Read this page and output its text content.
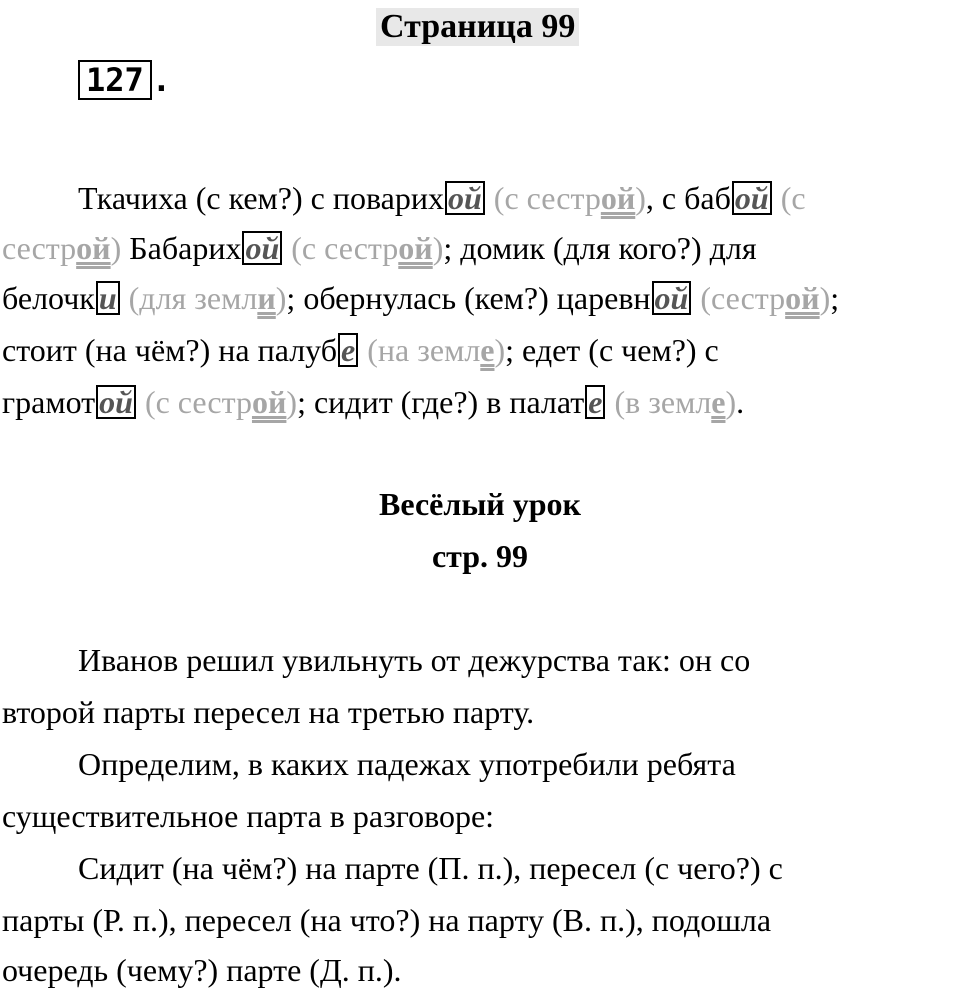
Страница 99
127 .
Ткачиха (с кем?) с поварих ой (с сестрой), с баб ой (с
сестрой) Бабарих ой (с сестрой); домик (для кого?) для
белочк и (для земли); обернулась (кем?) царевн ой (сестрой);
стоит (на чём?) на палуб е (на земле); едет (с чем?) с
грамот ой (с сестрой); сидит (где?) в палат е (в земле).
Весёлый урок
стр. 99
Иванов решил увильнуть от дежурства так: он со
второй парты пересел на третью парту.
Определим, в каких падежах употребили ребята
существительное парта в разговоре:
Сидит (на чём?) на парте (П. п.), пересел (с чего?) с
парты (Р. п.), пересел (на что?) на парту (В. п.), подошла
очередь (чему?) парте (Д. п.).
